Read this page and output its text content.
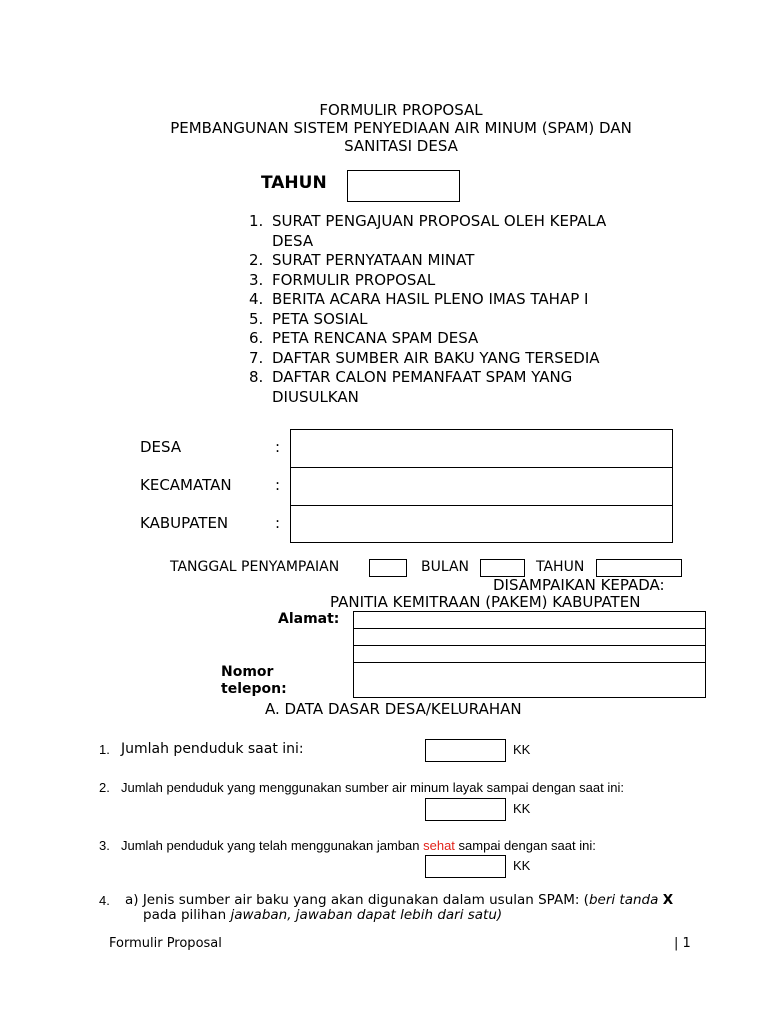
FORMULIR PROPOSAL
PEMBANGUNAN SISTEM PENYEDIAAN AIR MINUM (SPAM) DAN
SANITASI DESA
TAHUN
1. SURAT PENGAJUAN PROPOSAL OLEH KEPALA
DESA
2. SURAT PERNYATAAN MINAT
3. FORMULIR PROPOSAL
4. BERITA ACARA HASIL PLENO IMAS TAHAP I
5. PETA SOSIAL
6. PETA RENCANA SPAM DESA
7. DAFTAR SUMBER AIR BAKU YANG TERSEDIA
8. DAFTAR CALON PEMANFAAT SPAM YANG
DIUSULKAN
DESA	:
KECAMATAN	:
KABUPATEN	:
TANGGAL PENYAMPAIAN	BULAN	TAHUN
DISAMPAIKAN KEPADA:
PANITIA KEMITRAAN (PAKEM) KABUPATEN
Alamat:
Nomor
telepon:
A. DATA DASAR DESA/KELURAHAN
1. Jumlah penduduk saat ini:	KK
2. Jumlah penduduk yang menggunakan sumber air minum layak sampai dengan saat ini:
KK
3. Jumlah penduduk yang telah menggunakan jamban sehat sampai dengan saat ini:
KK
4. a) Jenis sumber air baku yang akan digunakan dalam usulan SPAM: (beri tanda X
pada pilihan jawaban, jawaban dapat lebih dari satu)
Formulir Proposal	| 1
